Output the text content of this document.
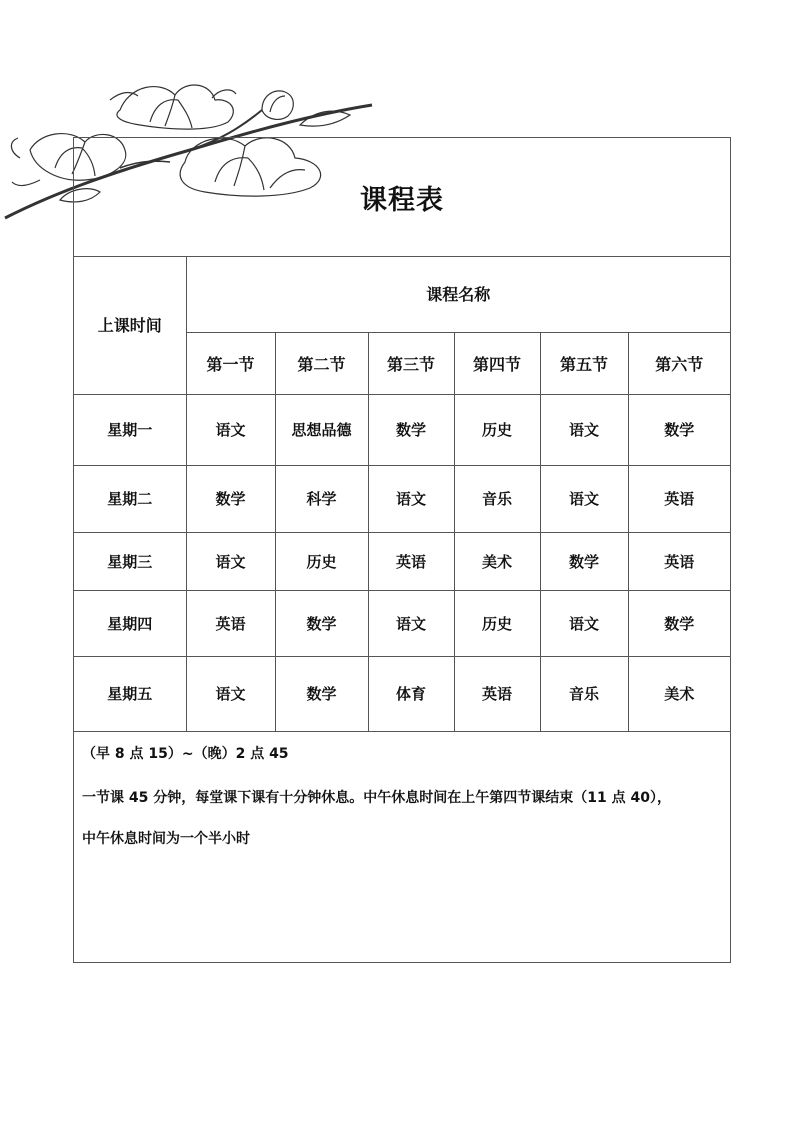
课程表
上课时间	课程名称					
	第一节	第二节	第三节	第四节	第五节	第六节
星期一	语文	思想品德	数学	历史	语文	数学
星期二	数学	科学	语文	音乐	语文	英语
星期三	语文	历史	英语	美术	数学	英语
星期四	英语	数学	语文	历史	语文	数学
星期五	语文	数学	体育	英语	音乐	美术
（早 8 点 15）~（晚）2 点 45
一节课 45 分钟，每堂课下课有十分钟休息。中午休息时间在上午第四节课结束（11 点 40），
中午休息时间为一个半小时
